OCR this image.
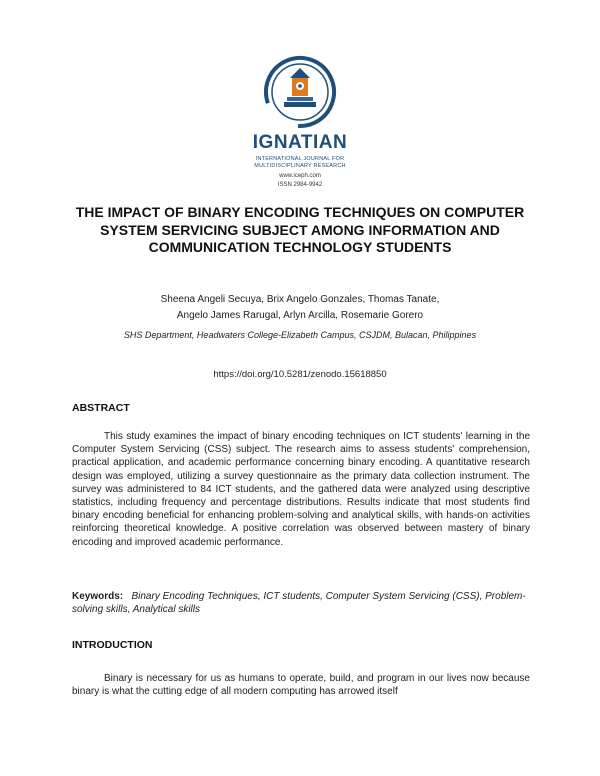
IGNATIAN
INTERNATIONAL JOURNAL FOR
MULTIDISCIPLINARY RESEARCH
www.iceph.com
ISSN 2984-9942
THE IMPACT OF BINARY ENCODING TECHNIQUES ON COMPUTER SYSTEM SERVICING SUBJECT AMONG INFORMATION AND COMMUNICATION TECHNOLOGY STUDENTS
Sheena Angeli Secuya, Brix Angelo Gonzales, Thomas Tanate,
Angelo James Rarugal, Arlyn Arcilla, Rosemarie Gorero
SHS Department, Headwaters College-Elizabeth Campus, CSJDM, Bulacan, Philippines
https://doi.org/10.5281/zenodo.15618850
ABSTRACT

This study examines the impact of binary encoding techniques on ICT students' learning in the Computer System Servicing (CSS) subject. The research aims to assess students' comprehension, practical application, and academic performance concerning binary encoding. A quantitative research design was employed, utilizing a survey questionnaire as the primary data collection instrument. The survey was administered to 84 ICT students, and the gathered data were analyzed using descriptive statistics, including frequency and percentage distributions. Results indicate that most students find binary encoding beneficial for enhancing problem-solving and analytical skills, with hands-on activities reinforcing theoretical knowledge. A positive correlation was observed between mastery of binary encoding and improved academic performance.

Keywords: Binary Encoding Techniques, ICT students, Computer System Servicing (CSS), Problem-solving skills, Analytical skills

INTRODUCTION

Binary is necessary for us as humans to operate, build, and program in our lives now because binary is what the cutting edge of all modern computing has arrowed itself
